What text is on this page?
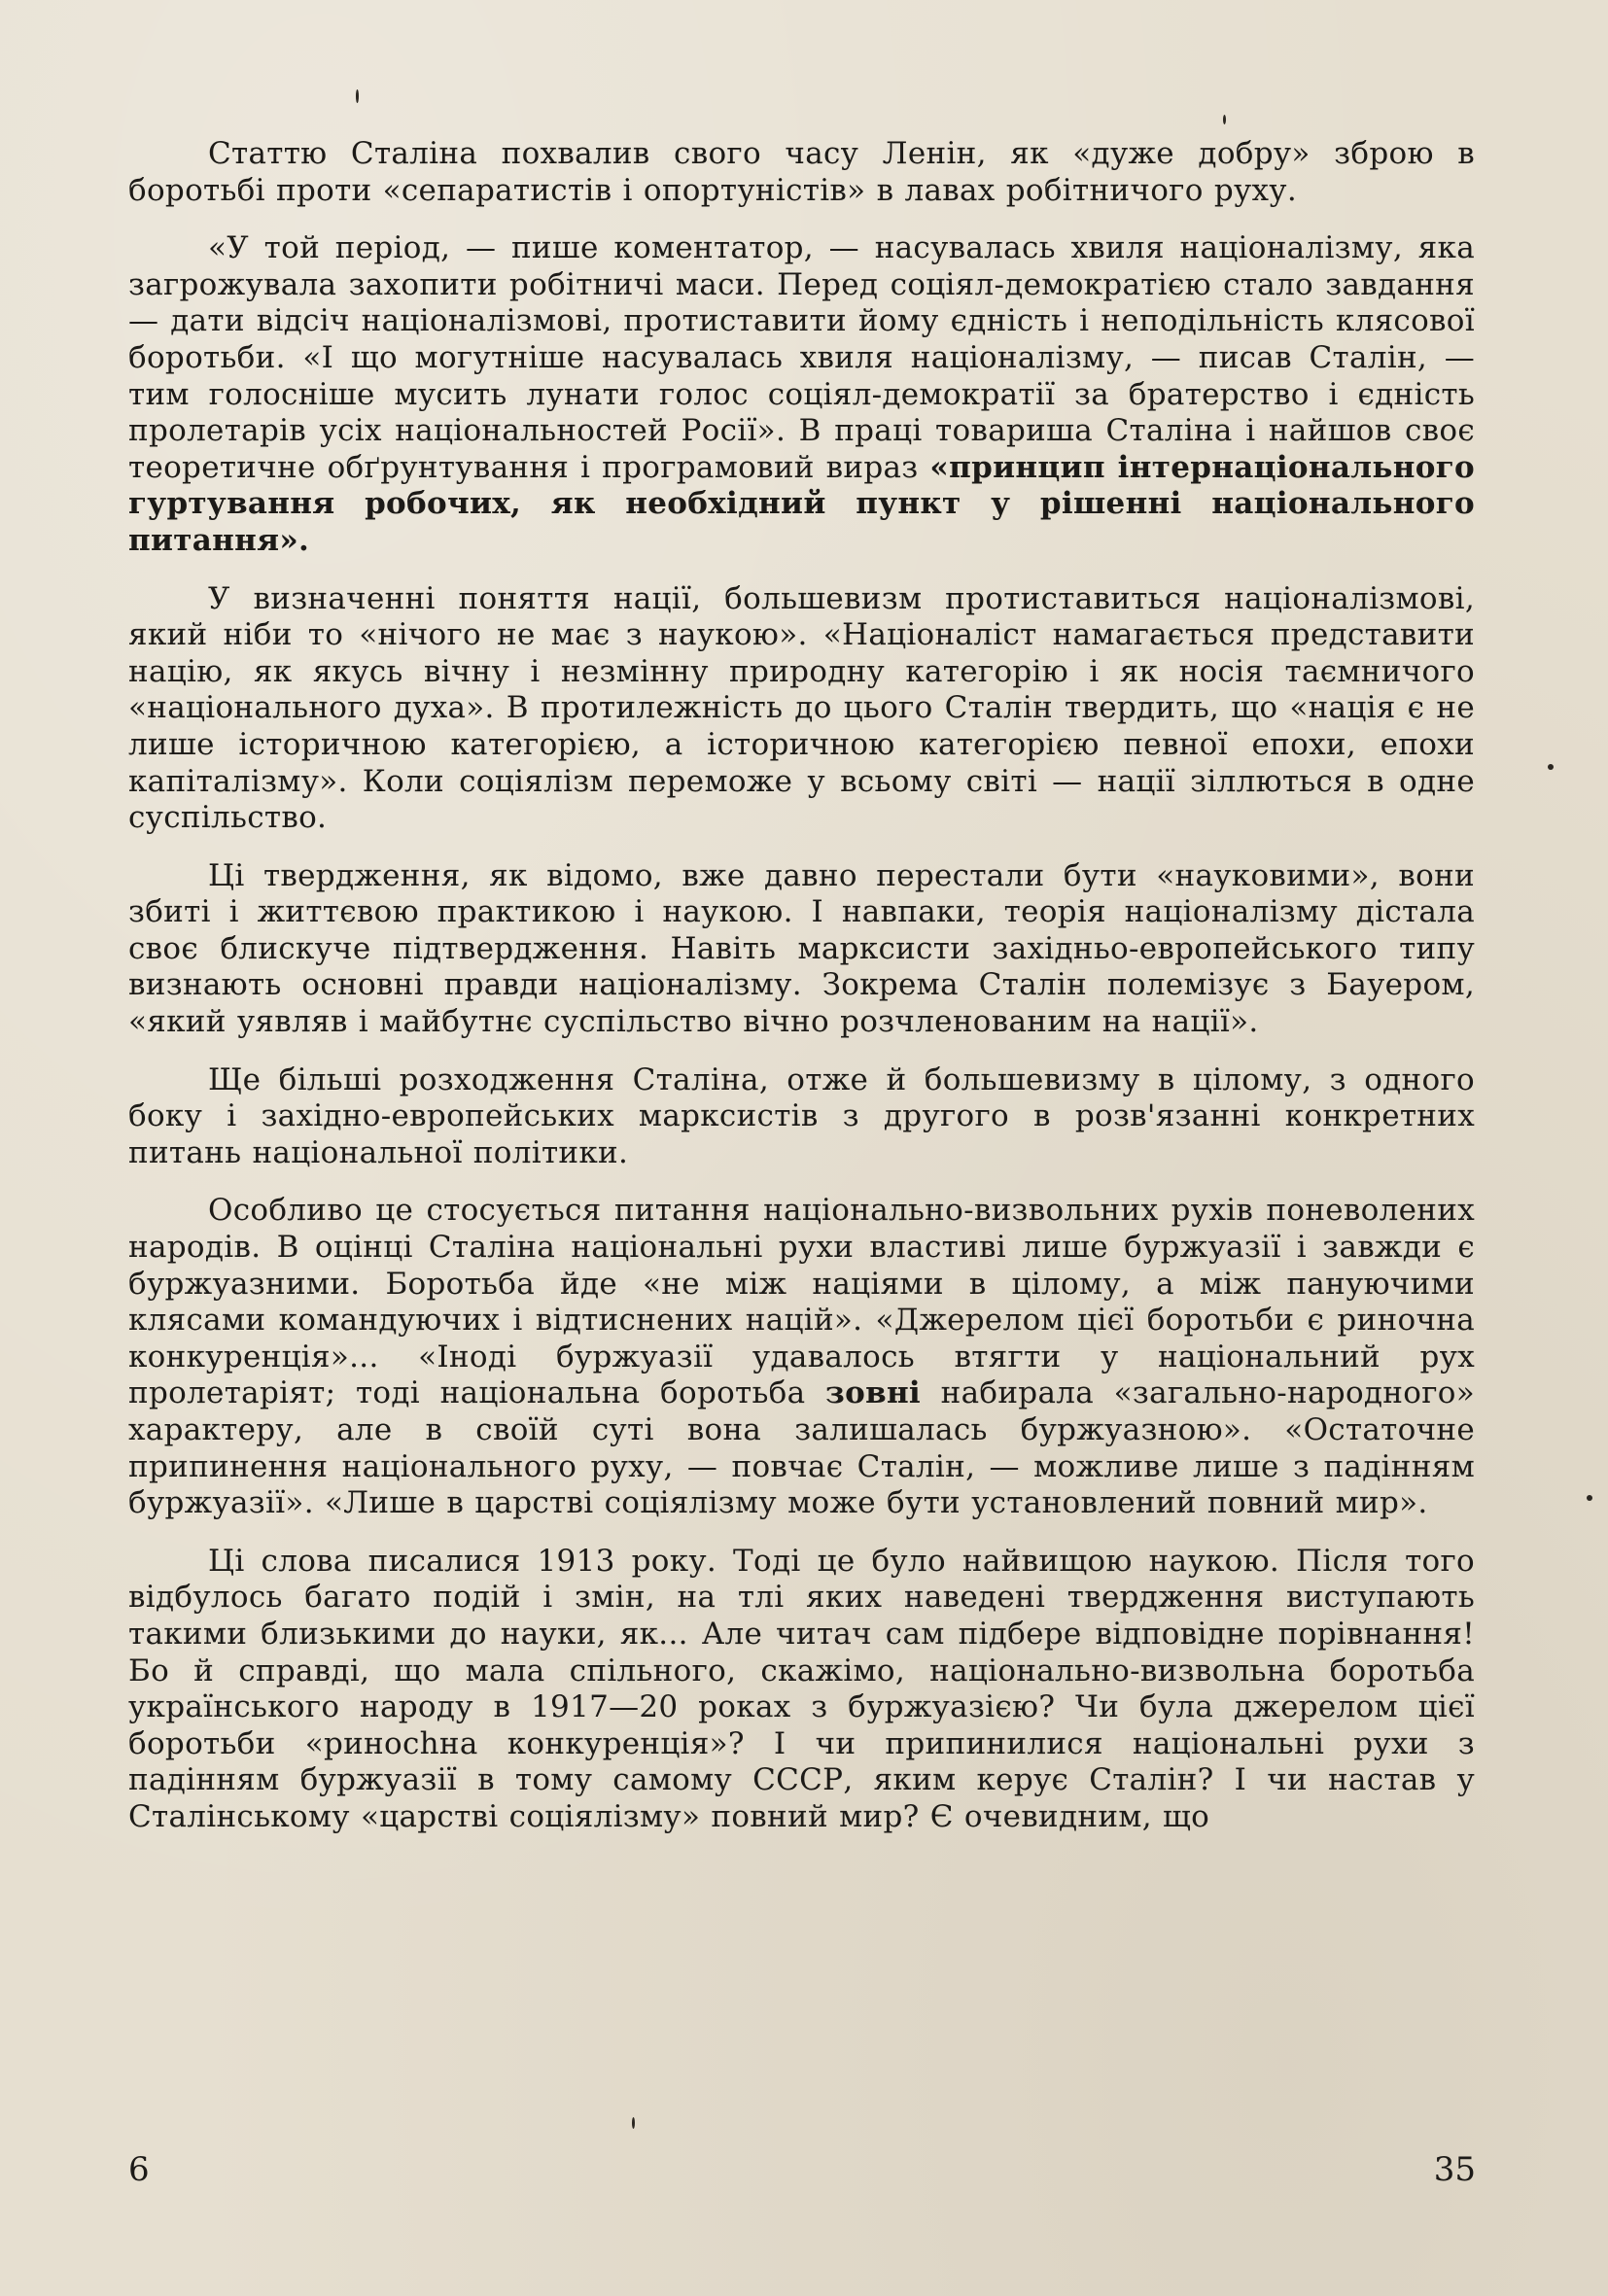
Статтю Сталіна похвалив свого часу Ленін, як «дуже добру» зброю в боротьбі проти «сепаратистів і опортуністів» в лавах робітничого руху.

«У той період, — пише коментатор, — насувалась хвиля націоналізму, яка загрожувала захопити робітничі маси. Перед соціял-демократією стало завдання — дати відсіч націоналізмові, протиставити йому єдність і неподільність клясової боротьби. «І що могутніше насувалась хвиля націоналізму, — писав Сталін, — тим голосніше мусить лунати голос соціял-демократії за братерство і єдність пролетарів усіх національностей Росії». В праці товариша Сталіна і найшов своє теоретичне обґрунтування і програмовий вираз «принцип інтернаціонального гуртування робочих, як необхідний пункт у рішенні національного питання».

У визначенні поняття нації, большевизм протиставиться націоналізмові, який ніби то «нічого не має з наукою». «Націоналіст намагається представити націю, як якусь вічну і незмінну природну категорію і як носія таємничого «національного духа». В протилежність до цього Сталін твердить, що «нація є не лише історичною категорією, а історичною категорією певної епохи, епохи капіталізму». Коли соціялізм переможе у всьому світі — нації зіллються в одне суспільство.

Ці твердження, як відомо, вже давно перестали бути «науковими», вони збиті і життєвою практикою і наукою. І навпаки, теорія націоналізму дістала своє блискуче підтвердження. Навіть марксисти західньо-европейського типу визнають основні правди націоналізму. Зокрема Сталін полемізує з Бауером, «який уявляв і майбутнє суспільство вічно розчленованим на нації».

Ще більші розходження Сталіна, отже й большевизму в цілому, з одного боку і західно-европейських марксистів з другого в розв'язанні конкретних питань національної політики.

Особливо це стосується питання національно-визвольних рухів поневолених народів. В оцінці Сталіна національні рухи властиві лише буржуазії і завжди є буржуазними. Боротьба йде «не між націями в цілому, а між пануючими клясами командуючих і відтиснених націй». «Джерелом цієї боротьби є риночна конкуренція»... «Іноді буржуазії удавалось втягти у національний рух пролетаріят; тоді національна боротьба зовні набирала «загально-народного» характеру, але в своїй суті вона залишалась буржуазною». «Остаточне припинення національного руху, — повчає Сталін, — можливе лише з падінням буржуазії». «Лише в царстві соціялізму може бути установлений повний мир».

Ці слова писалися 1913 року. Тоді це було найвищою наукою. Після того відбулось багато подій і змін, на тлі яких наведені твердження виступають такими близькими до науки, як... Але читач сам підбере відповідне порівнання! Бо й справді, що мала спільного, скажімо, національно-визвольна боротьба українського народу в 1917—20 роках з буржуазією? Чи була джерелом цієї боротьби «ринochна конкуренція»? І чи припинилися національні рухи з падінням буржуазії в тому самому СССР, яким керує Сталін? І чи настав у Сталінському «царстві соціялізму» повний мир? Є очевидним, що

6	35
